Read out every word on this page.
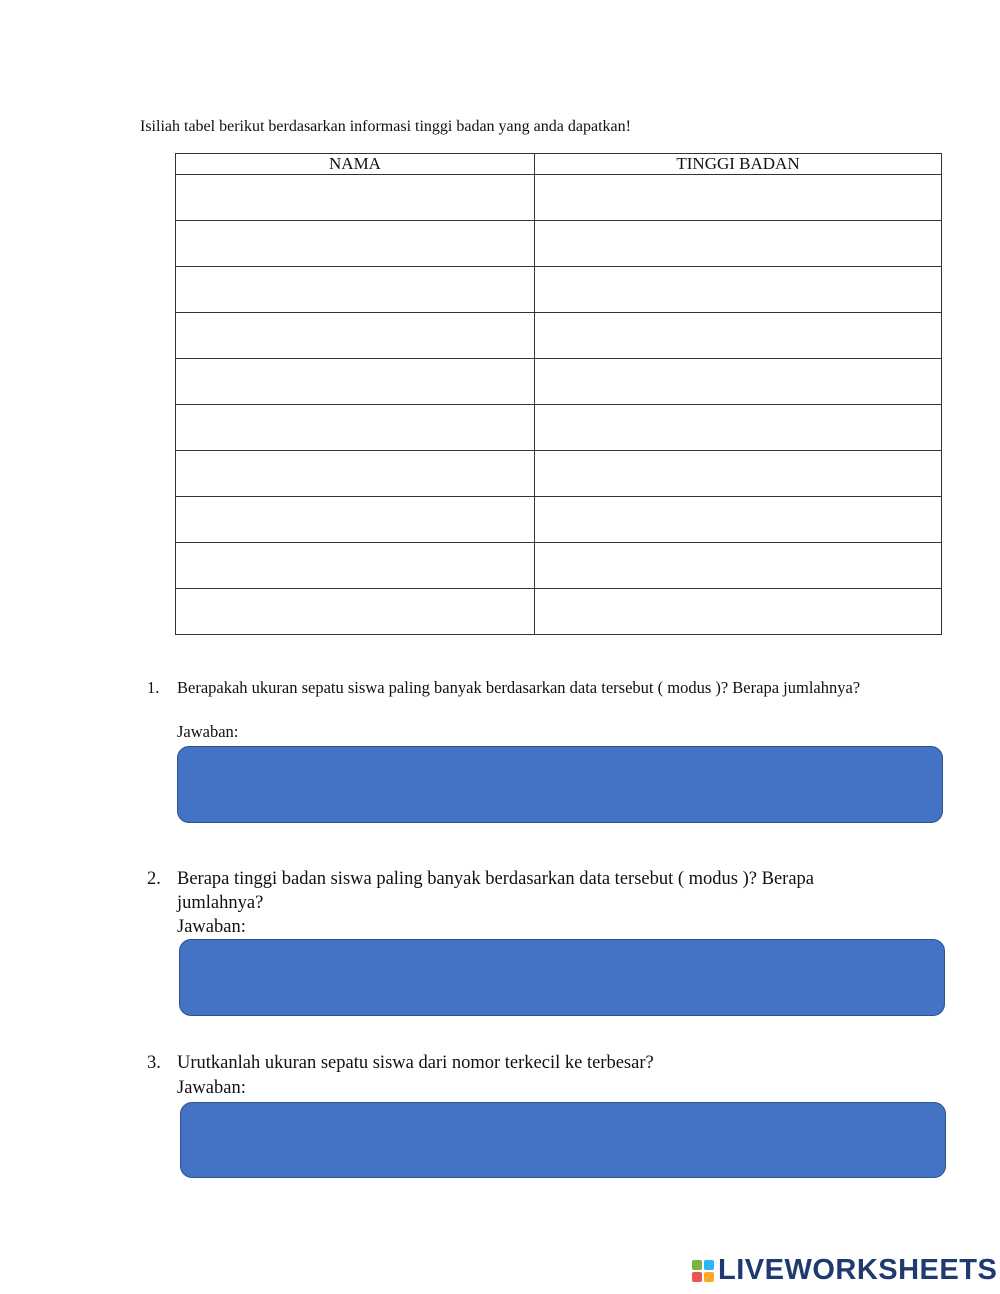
Isiliah tabel berikut berdasarkan informasi tinggi badan yang anda dapatkan!
NAMA	TINGGI BADAN

1. Berapakah ukuran sepatu siswa paling banyak berdasarkan data tersebut ( modus )? Berapa jumlahnya?
Jawaban:
2. Berapa tinggi badan siswa paling banyak berdasarkan data tersebut ( modus )? Berapa jumlahnya?
Jawaban:
3. Urutkanlah ukuran sepatu siswa dari nomor terkecil ke terbesar?
Jawaban:
LIVEWORKSHEETS
